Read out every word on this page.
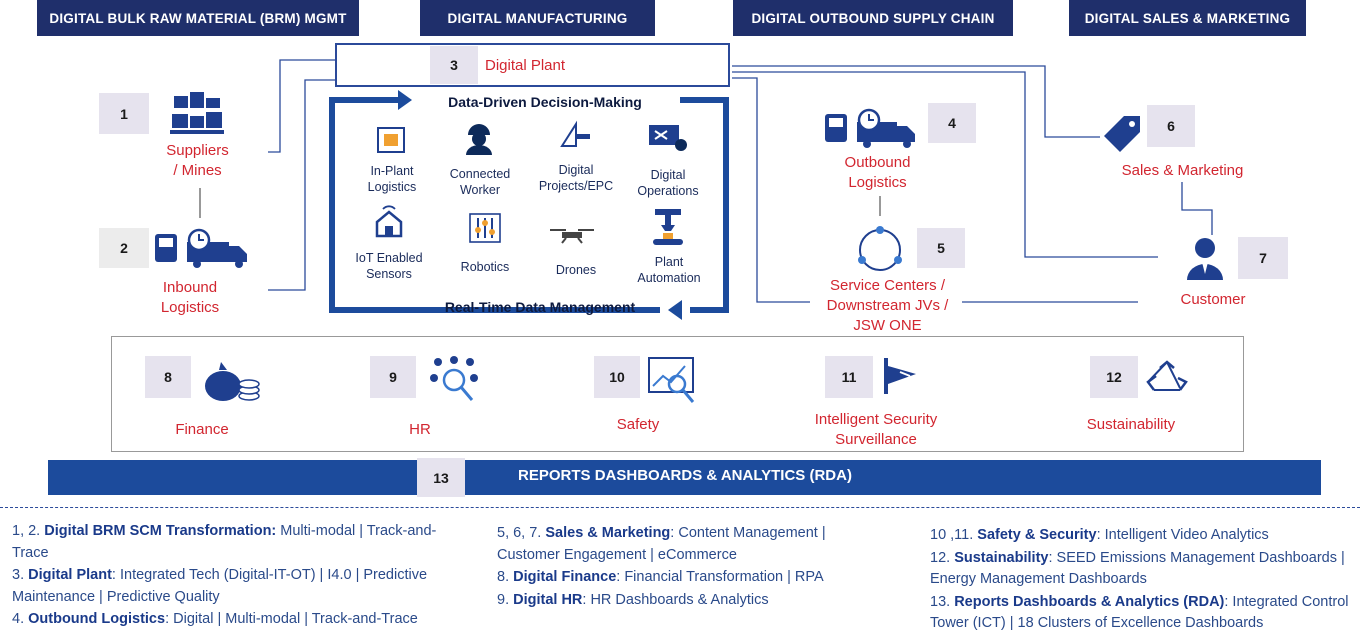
DIGITAL BULK RAW MATERIAL (BRM) MGMT	DIGITAL MANUFACTURING	DIGITAL OUTBOUND SUPPLY CHAIN	DIGITAL SALES & MARKETING
3	Digital Plant
1
Suppliers
/ Mines
2
Inbound
Logistics
Data-Driven Decision-Making
Real-Time Data Management
In-Plant
Logistics
Connected
Worker
Digital
Projects/EPC
Digital
Operations
IoT Enabled
Sensors	Robotics	Drones
Plant
Automation
4
Outbound
Logistics
5
Service Centers /
Downstream JVs /
JSW ONE
6
Sales & Marketing
7
Customer
8
Finance
9
HR
10
Safety
11
Intelligent Security
Surveillance
12
Sustainability
13	REPORTS DASHBOARDS & ANALYTICS (RDA)

1, 2. Digital BRM SCM Transformation: Multi-modal | Track-and-Trace

3. Digital Plant: Integrated Tech (Digital-IT-OT) | I4.0 | Predictive Maintenance | Predictive Quality

4. Outbound Logistics: Digital | Multi-modal | Track-and-Trace

5, 6, 7. Sales & Marketing: Content Management | Customer Engagement | eCommerce

8. Digital Finance: Financial Transformation | RPA

9. Digital HR: HR Dashboards & Analytics

10 ,11. Safety & Security: Intelligent Video Analytics

12. Sustainability: SEED Emissions Management Dashboards | Energy Management Dashboards

13. Reports Dashboards & Analytics (RDA): Integrated Control Tower (ICT) | 18 Clusters of Excellence Dashboards
